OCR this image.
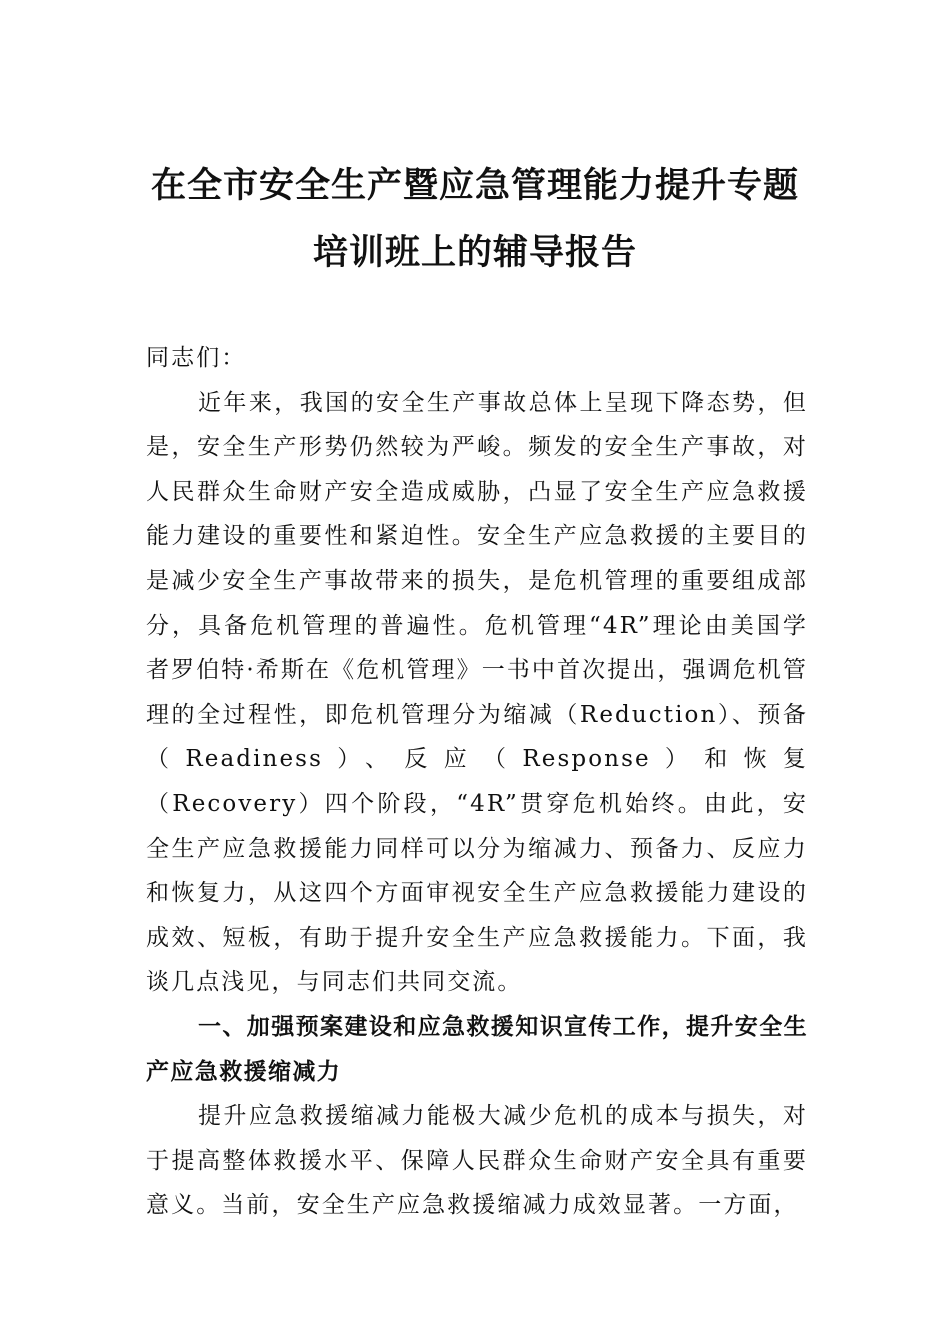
在全市安全生产暨应急管理能力提升专题
培训班上的辅导报告

同志们：

近年来，我国的安全生产事故总体上呈现下降态势，但是，安全生产形势仍然较为严峻。频发的安全生产事故，对人民群众生命财产安全造成威胁，凸显了安全生产应急救援能力建设的重要性和紧迫性。安全生产应急救援的主要目的是减少安全生产事故带来的损失，是危机管理的重要组成部分，具备危机管理的普遍性。危机管理“4R”理论由美国学者罗伯特·希斯在《危机管理》一书中首次提出，强调危机管理的全过程性，即危机管理分为缩减（Reduction）、预备（Readiness）、反应（Response）和恢复（Recovery）四个阶段，“4R”贯穿危机始终。由此，安全生产应急救援能力同样可以分为缩减力、预备力、反应力和恢复力，从这四个方面审视安全生产应急救援能力建设的成效、短板，有助于提升安全生产应急救援能力。下面，我谈几点浅见，与同志们共同交流。

一、加强预案建设和应急救援知识宣传工作，提升安全生产应急救援缩减力

提升应急救援缩减力能极大减少危机的成本与损失，对于提高整体救援水平、保障人民群众生命财产安全具有重要意义。当前，安全生产应急救援缩减力成效显著。一方面，
